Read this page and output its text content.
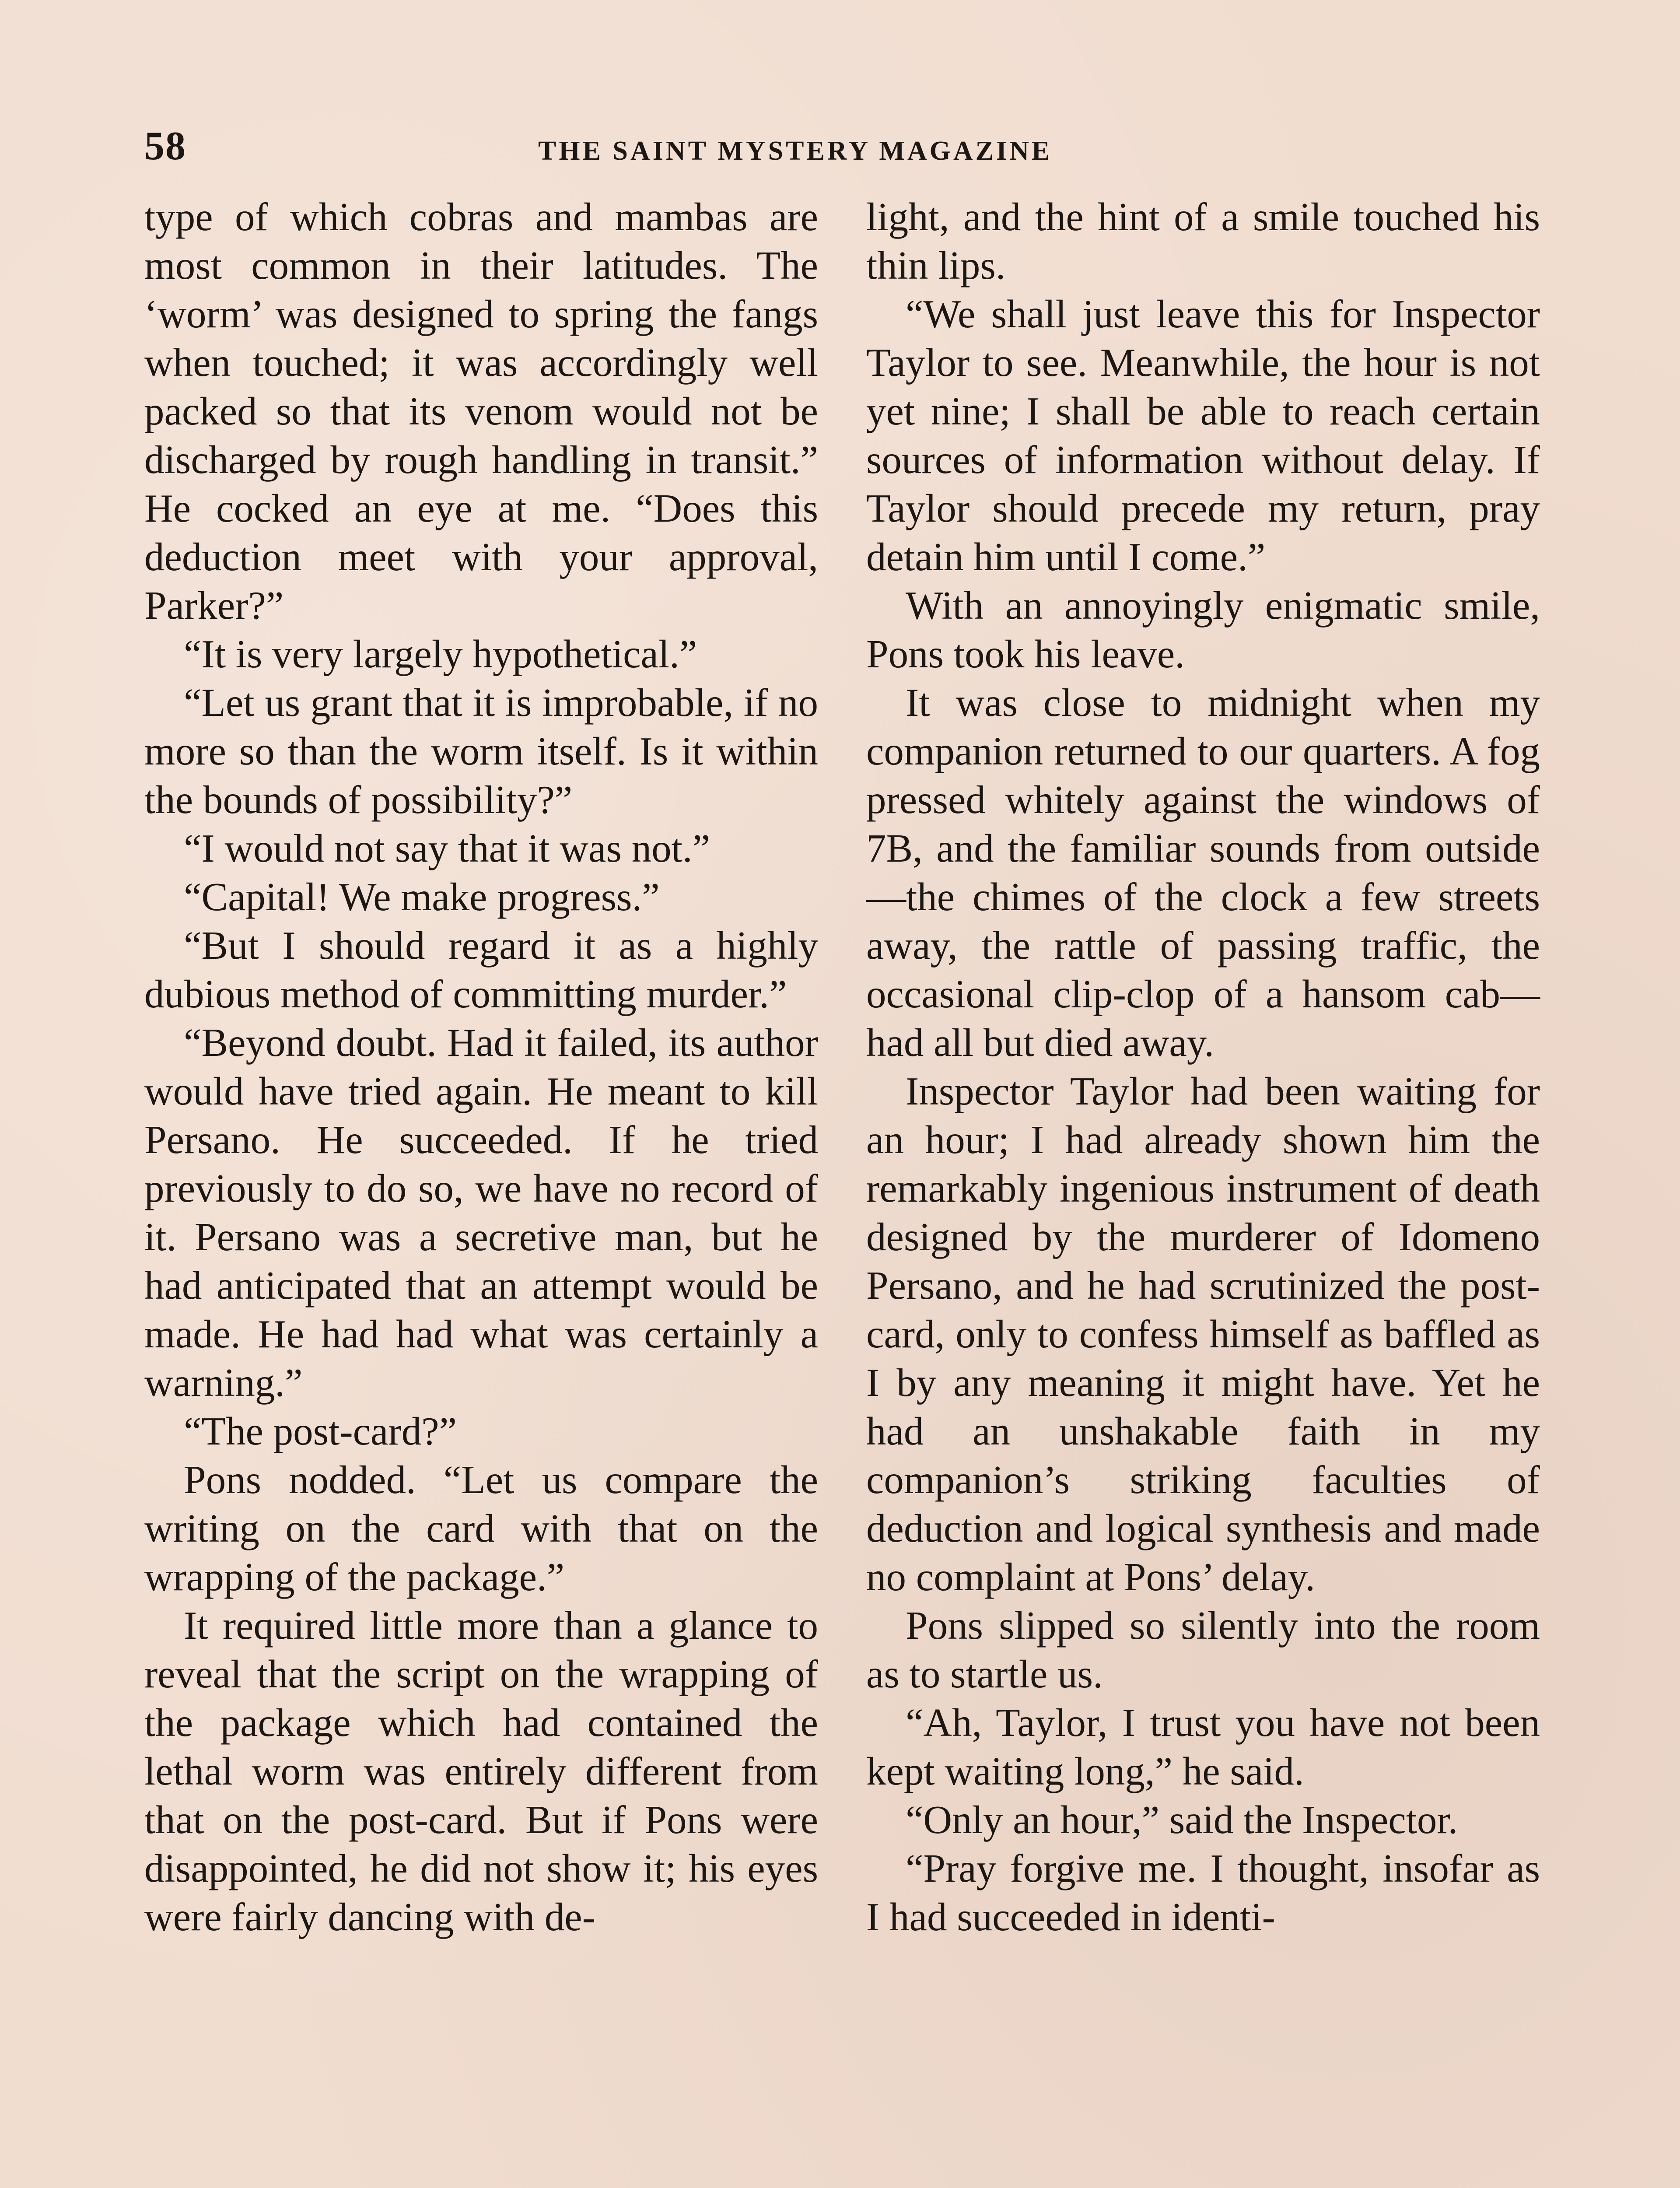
58	THE SAINT MYSTERY MAGAZINE

type of which cobras and mambas are most common in their latitudes. The ‘worm’ was designed to spring the fangs when touched; it was accordingly well packed so that its venom would not be discharged by rough handling in transit.” He cocked an eye at me. “Does this deduction meet with your approval, Parker?”

“It is very largely hypothetical.”

“Let us grant that it is improbable, if no more so than the worm itself. Is it within the bounds of possibility?”

“I would not say that it was not.”

“Capital! We make progress.”

“But I should regard it as a highly dubious method of committing murder.”

“Beyond doubt. Had it failed, its author would have tried again. He meant to kill Persano. He succeeded. If he tried previously to do so, we have no record of it. Persano was a secretive man, but he had anticipated that an attempt would be made. He had had what was certainly a warning.”

“The post-card?”

Pons nodded. “Let us compare the writing on the card with that on the wrapping of the package.”

It required little more than a glance to reveal that the script on the wrapping of the package which had contained the lethal worm was entirely different from that on the post-card. But if Pons were disappointed, he did not show it; his eyes were fairly dancing with de-

light, and the hint of a smile touched his thin lips.

“We shall just leave this for Inspector Taylor to see. Meanwhile, the hour is not yet nine; I shall be able to reach certain sources of information without delay. If Taylor should precede my return, pray detain him until I come.”

With an annoyingly enigmatic smile, Pons took his leave.

It was close to midnight when my companion returned to our quarters. A fog pressed whitely against the windows of 7B, and the familiar sounds from outside—the chimes of the clock a few streets away, the rattle of passing traffic, the occasional clip-clop of a hansom cab—had all but died away.

Inspector Taylor had been waiting for an hour; I had already shown him the remarkably ingenious instrument of death designed by the murderer of Idomeno Persano, and he had scrutinized the post-card, only to confess himself as baffled as I by any meaning it might have. Yet he had an unshakable faith in my companion’s striking faculties of deduction and logical synthesis and made no complaint at Pons’ delay.

Pons slipped so silently into the room as to startle us.

“Ah, Taylor, I trust you have not been kept waiting long,” he said.

“Only an hour,” said the Inspector.

“Pray forgive me. I thought, insofar as I had succeeded in identi-
